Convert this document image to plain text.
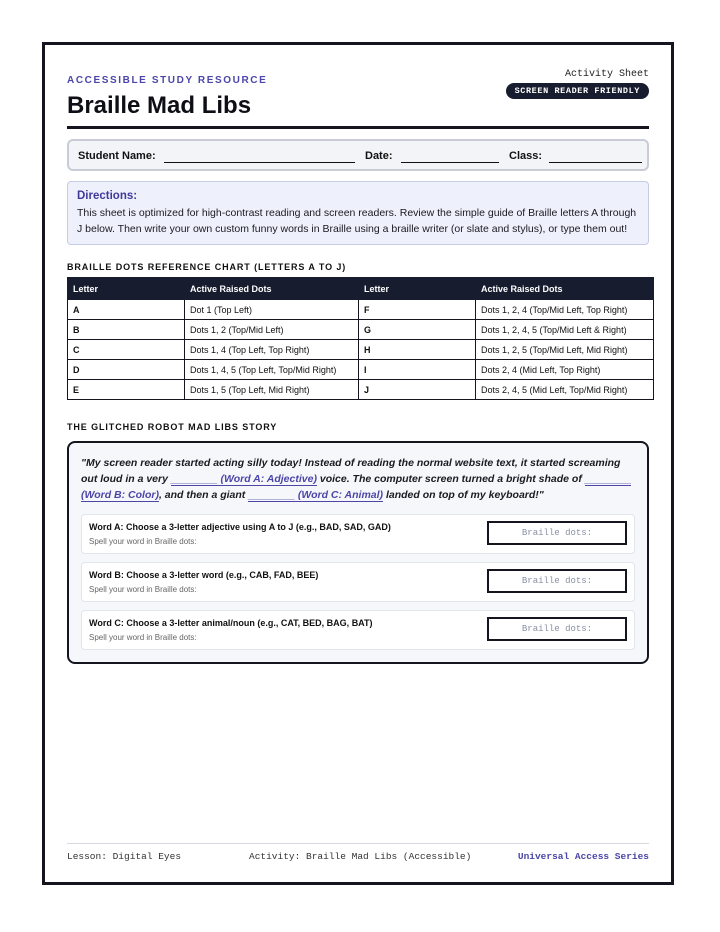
ACCESSIBLE STUDY RESOURCE
Braille Mad Libs
Activity Sheet
SCREEN READER FRIENDLY
Student Name:	Date:	Class:
Directions:
This sheet is optimized for high-contrast reading and screen readers. Review the simple guide of Braille letters A through J below. Then write your own custom funny words in Braille using a braille writer (or slate and stylus), or type them out!
BRAILLE DOTS REFERENCE CHART (LETTERS A TO J)
Letter	Active Raised Dots	Letter	Active Raised Dots
A	Dot 1 (Top Left)	F	Dots 1, 2, 4 (Top/Mid Left, Top Right)
B	Dots 1, 2 (Top/Mid Left)	G	Dots 1, 2, 4, 5 (Top/Mid Left & Right)
C	Dots 1, 4 (Top Left, Top Right)	H	Dots 1, 2, 5 (Top/Mid Left, Mid Right)
D	Dots 1, 4, 5 (Top Left, Top/Mid Right)	I	Dots 2, 4 (Mid Left, Top Right)
E	Dots 1, 5 (Top Left, Mid Right)	J	Dots 2, 4, 5 (Mid Left, Top/Mid Right)
THE GLITCHED ROBOT MAD LIBS STORY
"My screen reader started acting silly today! Instead of reading the normal website text, it started screaming out loud in a very ________ (Word A: Adjective) voice. The computer screen turned a bright shade of ________ (Word B: Color), and then a giant ________ (Word C: Animal) landed on top of my keyboard!"
Word A: Choose a 3-letter adjective using A to J (e.g., BAD, SAD, GAD)
Spell your word in Braille dots:
Braille dots:
Word B: Choose a 3-letter word (e.g., CAB, FAD, BEE)
Spell your word in Braille dots:
Braille dots:
Word C: Choose a 3-letter animal/noun (e.g., CAT, BED, BAG, BAT)
Spell your word in Braille dots:
Braille dots:
Lesson: Digital Eyes	Activity: Braille Mad Libs (Accessible)	Universal Access Series
